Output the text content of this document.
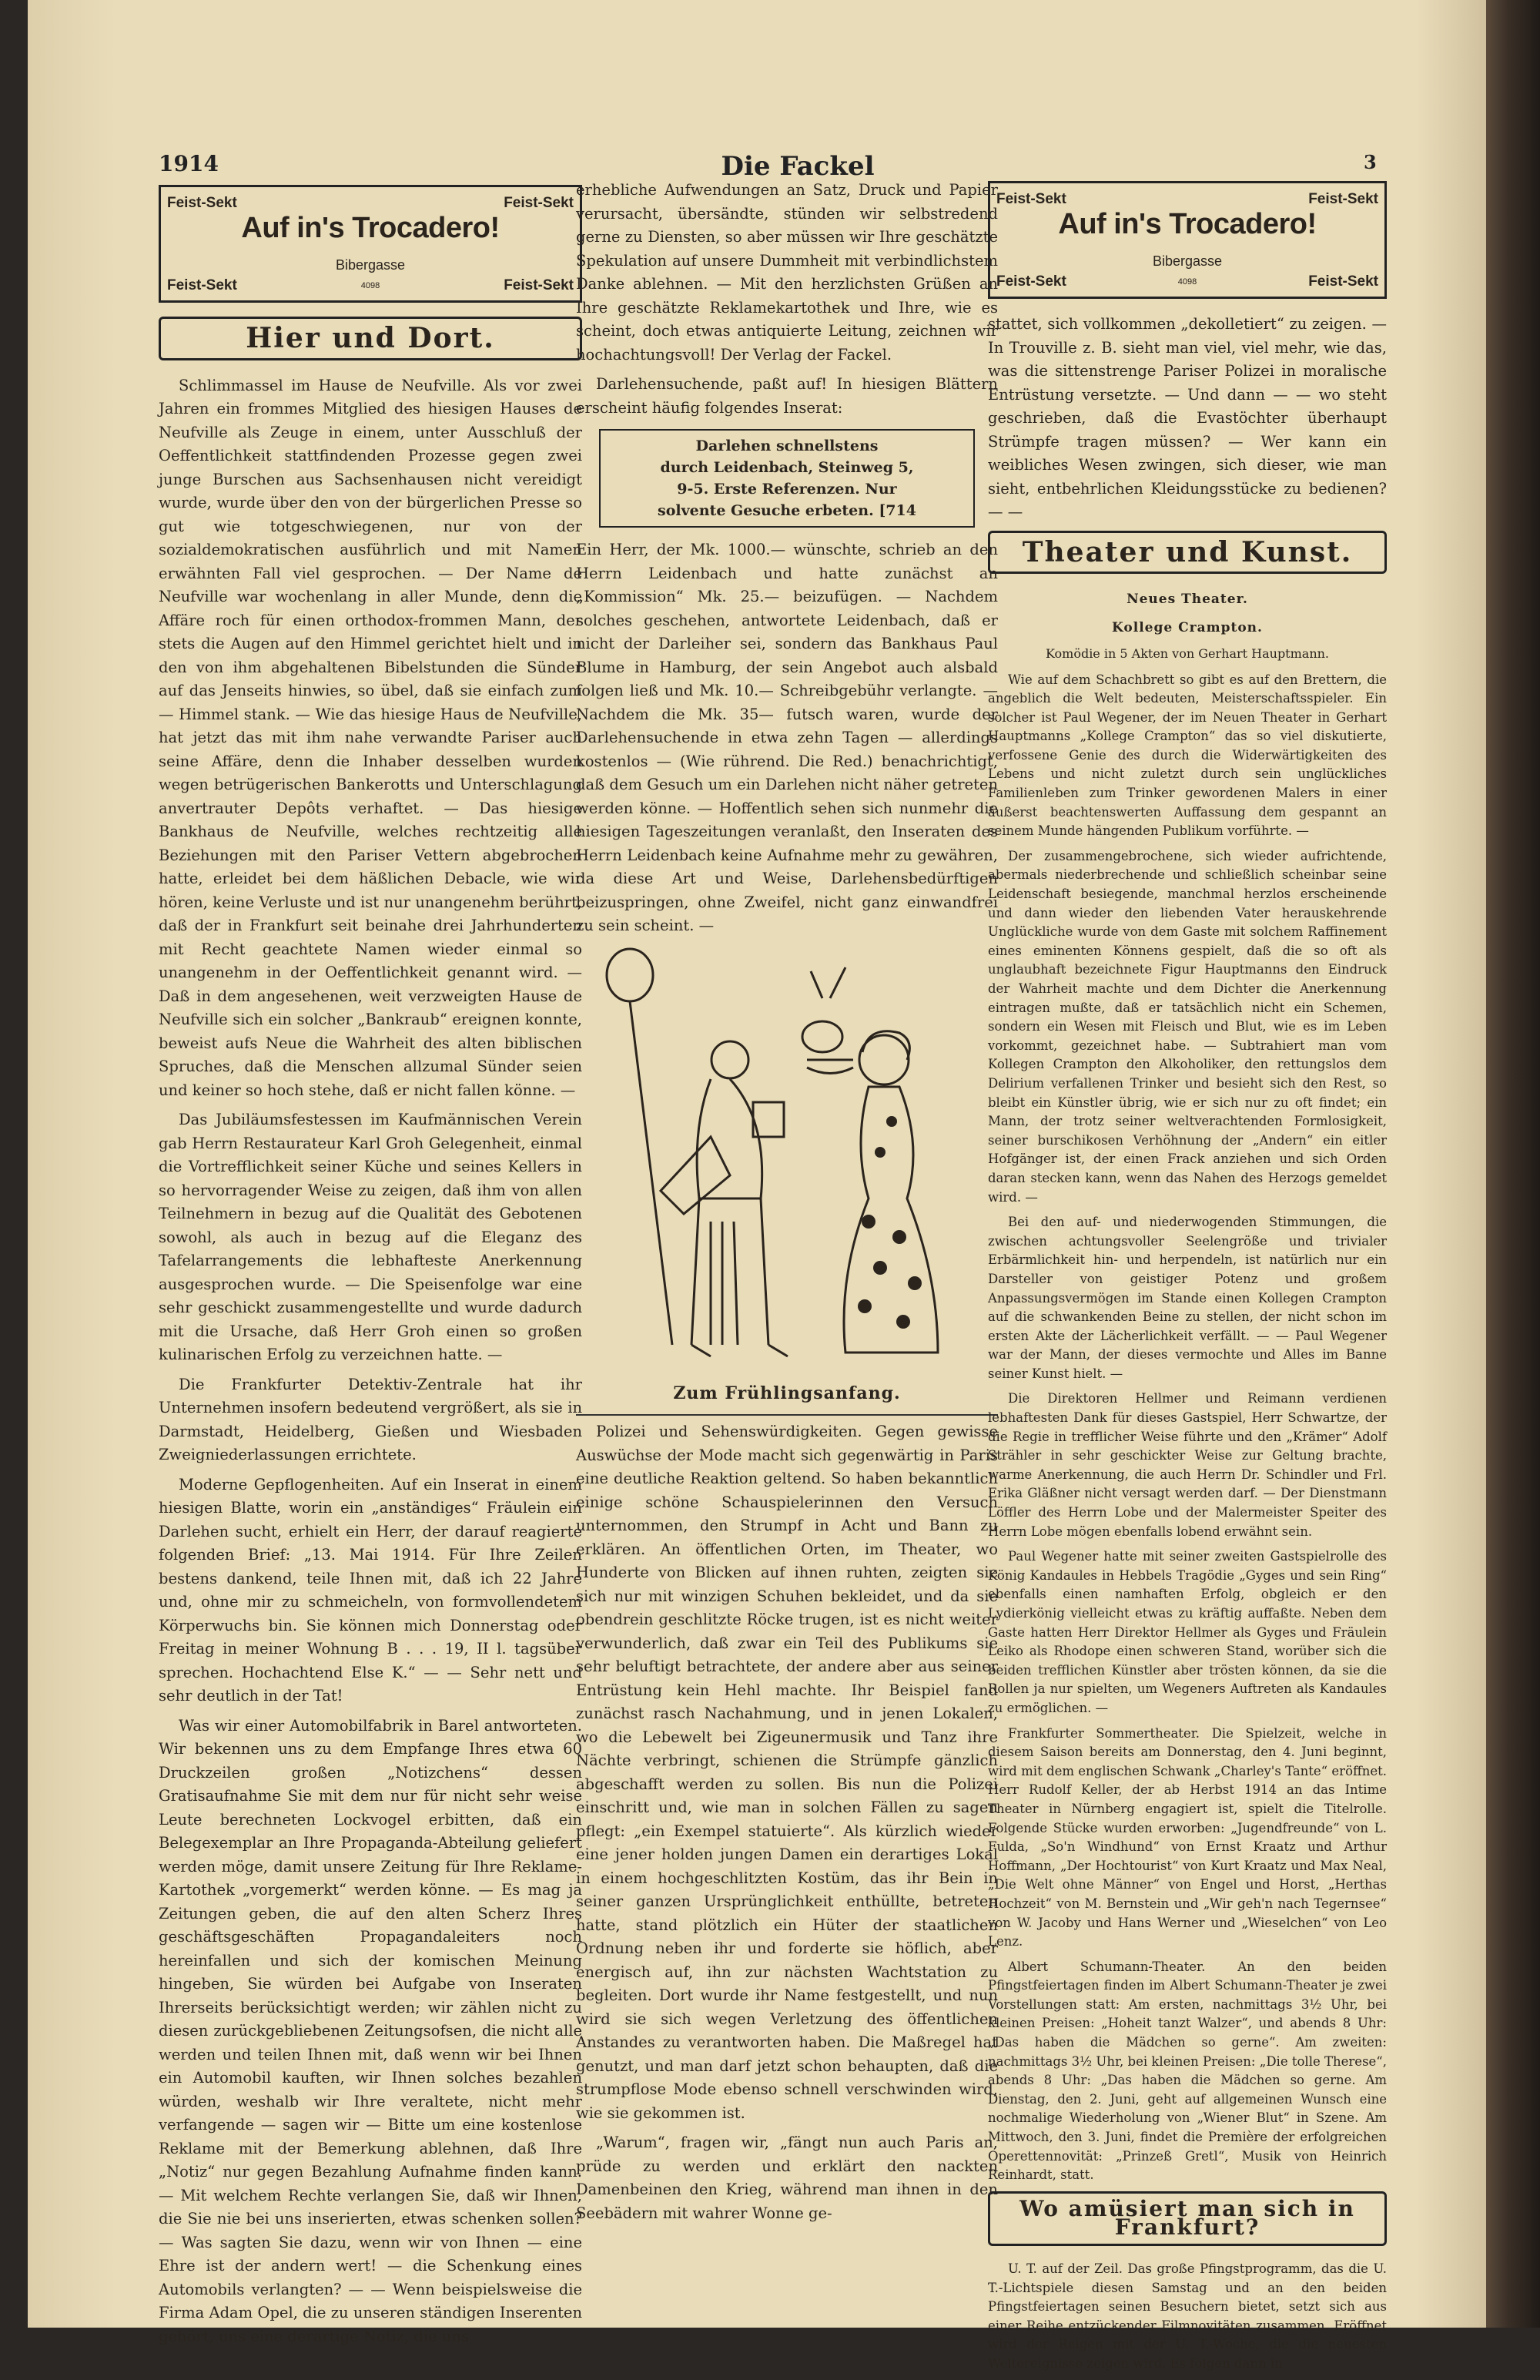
1914	Die Fackel	3
Feist-Sekt	Feist-Sekt
Auf in's Trocadero!
Bibergasse
4098
Feist-Sekt	Feist-Sekt
Hier und Dort.

Schlimmassel im Hause de Neufville. Als vor zwei Jahren ein frommes Mitglied des hiesigen Hauses de Neufville als Zeuge in einem, unter Ausschluß der Oeffentlichkeit stattfindenden Prozesse gegen zwei junge Burschen aus Sachsenhausen nicht vereidigt wurde, wurde über den von der bürgerlichen Presse so gut wie totgeschwiegenen, nur von der sozialdemokratischen ausführlich und mit Namen erwähnten Fall viel gesprochen. — Der Name de Neufville war wochenlang in aller Munde, denn die Affäre roch für einen orthodox-frommen Mann, der stets die Augen auf den Himmel gerichtet hielt und in den von ihm abgehaltenen Bibelstunden die Sünder auf das Jenseits hinwies, so übel, daß sie einfach zum — Himmel stank. — Wie das hiesige Haus de Neufville, hat jetzt das mit ihm nahe verwandte Pariser auch seine Affäre, denn die Inhaber desselben wurden wegen betrügerischen Bankerotts und Unterschlagung anvertrauter Depôts verhaftet. — Das hiesige Bankhaus de Neufville, welches rechtzeitig alle Beziehungen mit den Pariser Vettern abgebrochen hatte, erleidet bei dem häßlichen Debacle, wie wir hören, keine Verluste und ist nur unangenehm berührt, daß der in Frankfurt seit beinahe drei Jahrhunderten mit Recht geachtete Namen wieder einmal so unangenehm in der Oeffentlichkeit genannt wird. — Daß in dem angesehenen, weit verzweigten Hause de Neufville sich ein solcher „Bankraub“ ereignen konnte, beweist aufs Neue die Wahrheit des alten biblischen Spruches, daß die Menschen allzumal Sünder seien und keiner so hoch stehe, daß er nicht fallen könne. —

Das Jubiläumsfestessen im Kaufmännischen Verein gab Herrn Restaurateur Karl Groh Gelegenheit, einmal die Vortrefflichkeit seiner Küche und seines Kellers in so hervorragender Weise zu zeigen, daß ihm von allen Teilnehmern in bezug auf die Qualität des Gebotenen sowohl, als auch in bezug auf die Eleganz des Tafelarrangements die lebhafteste Anerkennung ausgesprochen wurde. — Die Speisenfolge war eine sehr geschickt zusammengestellte und wurde dadurch mit die Ursache, daß Herr Groh einen so großen kulinarischen Erfolg zu verzeichnen hatte. —

Die Frankfurter Detektiv-Zentrale hat ihr Unternehmen insofern bedeutend vergrößert, als sie in Darmstadt, Heidelberg, Gießen und Wiesbaden Zweigniederlassungen errichtete.

Moderne Gepflogenheiten. Auf ein Inserat in einem hiesigen Blatte, worin ein „anständiges“ Fräulein ein Darlehen sucht, erhielt ein Herr, der darauf reagierte folgenden Brief: „13. Mai 1914. Für Ihre Zeilen bestens dankend, teile Ihnen mit, daß ich 22 Jahre und, ohne mir zu schmeicheln, von formvollendetem Körperwuchs bin. Sie können mich Donnerstag oder Freitag in meiner Wohnung B . . . 19, II l. tagsüber sprechen. Hochachtend Else K.“ — — Sehr nett und sehr deutlich in der Tat!

Was wir einer Automobilfabrik in Barel antworteten. Wir bekennen uns zu dem Empfange Ihres etwa 60 Druckzeilen großen „Notizchens“ dessen Gratisaufnahme Sie mit dem nur für nicht sehr weise Leute berechneten Lockvogel erbitten, daß ein Belegexemplar an Ihre Propaganda-Abteilung geliefert werden möge, damit unsere Zeitung für Ihre Reklame-Kartothek „vorgemerkt“ werden könne. — Es mag ja Zeitungen geben, die auf den alten Scherz Ihres geschäftsgeschäften Propagandaleiters noch hereinfallen und sich der komischen Meinung hingeben, Sie würden bei Aufgabe von Inseraten Ihrerseits berücksichtigt werden; wir zählen nicht zu diesen zurückgebliebenen Zeitungsofsen, die nicht alle werden und teilen Ihnen mit, daß wenn wir bei Ihnen ein Automobil kauften, wir Ihnen solches bezahlen würden, weshalb wir Ihre veraltete, nicht mehr verfangende — sagen wir — Bitte um eine kostenlose Reklame mit der Bemerkung ablehnen, daß Ihre „Notiz“ nur gegen Bezahlung Aufnahme finden kann. — Mit welchem Rechte verlangen Sie, daß wir Ihnen, die Sie nie bei uns inserierten, etwas schenken sollen? — Was sagten Sie dazu, wenn wir von Ihnen — eine Ehre ist der andern wert! — die Schenkung eines Automobils verlangten? — — Wenn beispielsweise die Firma Adam Opel, die zu unseren ständigen Inserenten gehört, uns eine derartige Notiz, die uns

erhebliche Aufwendungen an Satz, Druck und Papier verursacht, übersändte, stünden wir selbstredend gerne zu Diensten, so aber müssen wir Ihre geschätzte Spekulation auf unsere Dummheit mit verbindlichstem Danke ablehnen. — Mit den herzlichsten Grüßen an Ihre geschätzte Reklamekartothek und Ihre, wie es scheint, doch etwas antiquierte Leitung, zeichnen wir hochachtungsvoll! Der Verlag der Fackel.

Darlehensuchende, paßt auf! In hiesigen Blättern erscheint häufig folgendes Inserat:

Darlehen schnellstens
durch Leidenbach, Steinweg 5,
9-5. Erste Referenzen. Nur
solvente Gesuche erbeten. [714

Ein Herr, der Mk. 1000.— wünschte, schrieb an den Herrn Leidenbach und hatte zunächst an „Kommission“ Mk. 25.— beizufügen. — Nachdem solches geschehen, antwortete Leidenbach, daß er nicht der Darleiher sei, sondern das Bankhaus Paul Blume in Hamburg, der sein Angebot auch alsbald folgen ließ und Mk. 10.— Schreibgebühr verlangte. — Nachdem die Mk. 35— futsch waren, wurde der Darlehensuchende in etwa zehn Tagen — allerdings kostenlos — (Wie rührend. Die Red.) benachrichtigt, daß dem Gesuch um ein Darlehen nicht näher getreten werden könne. — Hoffentlich sehen sich nunmehr die hiesigen Tageszeitungen veranlaßt, den Inseraten des Herrn Leidenbach keine Aufnahme mehr zu gewähren, da diese Art und Weise, Darlehensbedürftigen beizuspringen, ohne Zweifel, nicht ganz einwandfrei zu sein scheint. —

Zum Frühlingsanfang.

Polizei und Sehenswürdigkeiten. Gegen gewisse Auswüchse der Mode macht sich gegenwärtig in Paris eine deutliche Reaktion geltend. So haben bekanntlich einige schöne Schauspielerinnen den Versuch unternommen, den Strumpf in Acht und Bann zu erklären. An öffentlichen Orten, im Theater, wo Hunderte von Blicken auf ihnen ruhten, zeigten sie sich nur mit winzigen Schuhen bekleidet, und da sie obendrein geschlitzte Röcke trugen, ist es nicht weiter verwunderlich, daß zwar ein Teil des Publikums sie sehr beluftigt betrachtete, der andere aber aus seiner Entrüstung kein Hehl machte. Ihr Beispiel fand zunächst rasch Nachahmung, und in jenen Lokalen, wo die Lebewelt bei Zigeunermusik und Tanz ihre Nächte verbringt, schienen die Strümpfe gänzlich abgeschafft werden zu sollen. Bis nun die Polizei einschritt und, wie man in solchen Fällen zu sagen pflegt: „ein Exempel statuierte“. Als kürzlich wieder eine jener holden jungen Damen ein derartiges Lokal in einem hochgeschlitzten Kostüm, das ihr Bein in seiner ganzen Ursprünglichkeit enthüllte, betreten hatte, stand plötzlich ein Hüter der staatlichen Ordnung neben ihr und forderte sie höflich, aber energisch auf, ihn zur nächsten Wachtstation zu begleiten. Dort wurde ihr Name festgestellt, und nun wird sie sich wegen Verletzung des öffentlichen Anstandes zu verantworten haben. Die Maßregel hat genutzt, und man darf jetzt schon behaupten, daß die strumpflose Mode ebenso schnell verschwinden wird, wie sie gekommen ist.

„Warum“, fragen wir, „fängt nun auch Paris an, prüde zu werden und erklärt den nackten Damenbeinen den Krieg, während man ihnen in den Seebädern mit wahrer Wonne ge-

Feist-Sekt	Feist-Sekt
Auf in's Trocadero!
Bibergasse
4098
Feist-Sekt	Feist-Sekt

stattet, sich vollkommen „dekolletiert“ zu zeigen. — In Trouville z. B. sieht man viel, viel mehr, wie das, was die sittenstrenge Pariser Polizei in moralische Entrüstung versetzte. — Und dann — — wo steht geschrieben, daß die Evastöchter überhaupt Strümpfe tragen müssen? — Wer kann ein weibliches Wesen zwingen, sich dieser, wie man sieht, entbehrlichen Kleidungsstücke zu bedienen? — —

Theater und Kunst.
Neues Theater.
Kollege Crampton.
Komödie in 5 Akten von Gerhart Hauptmann.

Wie auf dem Schachbrett so gibt es auf den Brettern, die angeblich die Welt bedeuten, Meisterschaftsspieler. Ein solcher ist Paul Wegener, der im Neuen Theater in Gerhart Hauptmanns „Kollege Crampton“ das so viel diskutierte, verfossene Genie des durch die Widerwärtigkeiten des Lebens und nicht zuletzt durch sein unglückliches Familienleben zum Trinker gewordenen Malers in einer äußerst beachtenswerten Auffassung dem gespannt an seinem Munde hängenden Publikum vorführte. —

Der zusammengebrochene, sich wieder aufrichtende, abermals niederbrechende und schließlich scheinbar seine Leidenschaft besiegende, manchmal herzlos erscheinende und dann wieder den liebenden Vater herauskehrende Unglückliche wurde von dem Gaste mit solchem Raffinement eines eminenten Könnens gespielt, daß die so oft als unglaubhaft bezeichnete Figur Hauptmanns den Eindruck der Wahrheit machte und dem Dichter die Anerkennung eintragen mußte, daß er tatsächlich nicht ein Schemen, sondern ein Wesen mit Fleisch und Blut, wie es im Leben vorkommt, gezeichnet habe. — Subtrahiert man vom Kollegen Crampton den Alkoholiker, den rettungslos dem Delirium verfallenen Trinker und besieht sich den Rest, so bleibt ein Künstler übrig, wie er sich nur zu oft findet; ein Mann, der trotz seiner weltverachtenden Formlosigkeit, seiner burschikosen Verhöhnung der „Andern“ ein eitler Hofgänger ist, der einen Frack anziehen und sich Orden daran stecken kann, wenn das Nahen des Herzogs gemeldet wird. —

Bei den auf- und niederwogenden Stimmungen, die zwischen achtungsvoller Seelengröße und trivialer Erbärmlichkeit hin- und herpendeln, ist natürlich nur ein Darsteller von geistiger Potenz und großem Anpassungsvermögen im Stande einen Kollegen Crampton auf die schwankenden Beine zu stellen, der nicht schon im ersten Akte der Lächerlichkeit verfällt. — — Paul Wegener war der Mann, der dieses vermochte und Alles im Banne seiner Kunst hielt. —

Die Direktoren Hellmer und Reimann verdienen lebhaftesten Dank für dieses Gastspiel, Herr Schwartze, der die Regie in trefflicher Weise führte und den „Krämer“ Adolf Strähler in sehr geschickter Weise zur Geltung brachte, warme Anerkennung, die auch Herrn Dr. Schindler und Frl. Erika Gläßner nicht versagt werden darf. — Der Dienstmann Löffler des Herrn Lobe und der Malermeister Speiter des Herrn Lobe mögen ebenfalls lobend erwähnt sein.

Paul Wegener hatte mit seiner zweiten Gastspielrolle des König Kandaules in Hebbels Tragödie „Gyges und sein Ring“ ebenfalls einen namhaften Erfolg, obgleich er den Lydierkönig vielleicht etwas zu kräftig auffaßte. Neben dem Gaste hatten Herr Direktor Hellmer als Gyges und Fräulein Leiko als Rhodope einen schweren Stand, worüber sich die beiden trefflichen Künstler aber trösten können, da sie die Rollen ja nur spielten, um Wegeners Auftreten als Kandaules zu ermöglichen. —

Frankfurter Sommertheater. Die Spielzeit, welche in diesem Saison bereits am Donnerstag, den 4. Juni beginnt, wird mit dem englischen Schwank „Charley's Tante“ eröffnet. Herr Rudolf Keller, der ab Herbst 1914 an das Intime Theater in Nürnberg engagiert ist, spielt die Titelrolle. Folgende Stücke wurden erworben: „Jugendfreunde“ von L. Fulda, „So'n Windhund“ von Ernst Kraatz und Arthur Hoffmann, „Der Hochtourist“ von Kurt Kraatz und Max Neal, „Die Welt ohne Männer“ von Engel und Horst, „Herthas Hochzeit“ von M. Bernstein und „Wir geh'n nach Tegernsee“ von W. Jacoby und Hans Werner und „Wieselchen“ von Leo Lenz.

Albert Schumann-Theater. An den beiden Pfingstfeiertagen finden im Albert Schumann-Theater je zwei Vorstellungen statt: Am ersten, nachmittags 3½ Uhr, bei kleinen Preisen: „Hoheit tanzt Walzer“, und abends 8 Uhr: „Das haben die Mädchen so gerne“. Am zweiten: nachmittags 3½ Uhr, bei kleinen Preisen: „Die tolle Therese“, abends 8 Uhr: „Das haben die Mädchen so gerne. Am Dienstag, den 2. Juni, geht auf allgemeinen Wunsch eine nochmalige Wiederholung von „Wiener Blut“ in Szene. Am Mittwoch, den 3. Juni, findet die Première der erfolgreichen Operettennovität: „Prinzeß Gretl“, Musik von Heinrich Reinhardt, statt.

Wo amüsiert man sich in Frankfurt?

U. T. auf der Zeil. Das große Pfingstprogramm, das die U. T.-Lichtspiele diesen Samstag und an den beiden Pfingstfeiertagen seinen Besuchern bietet, setzt sich aus einer Reihe entzückender Filmnovitäten zusammen. Eröffnet wird der Reigen mit der U. T.-Woche, die die neuesten Weltereignisse zeigen wird. Es folgen dann in
